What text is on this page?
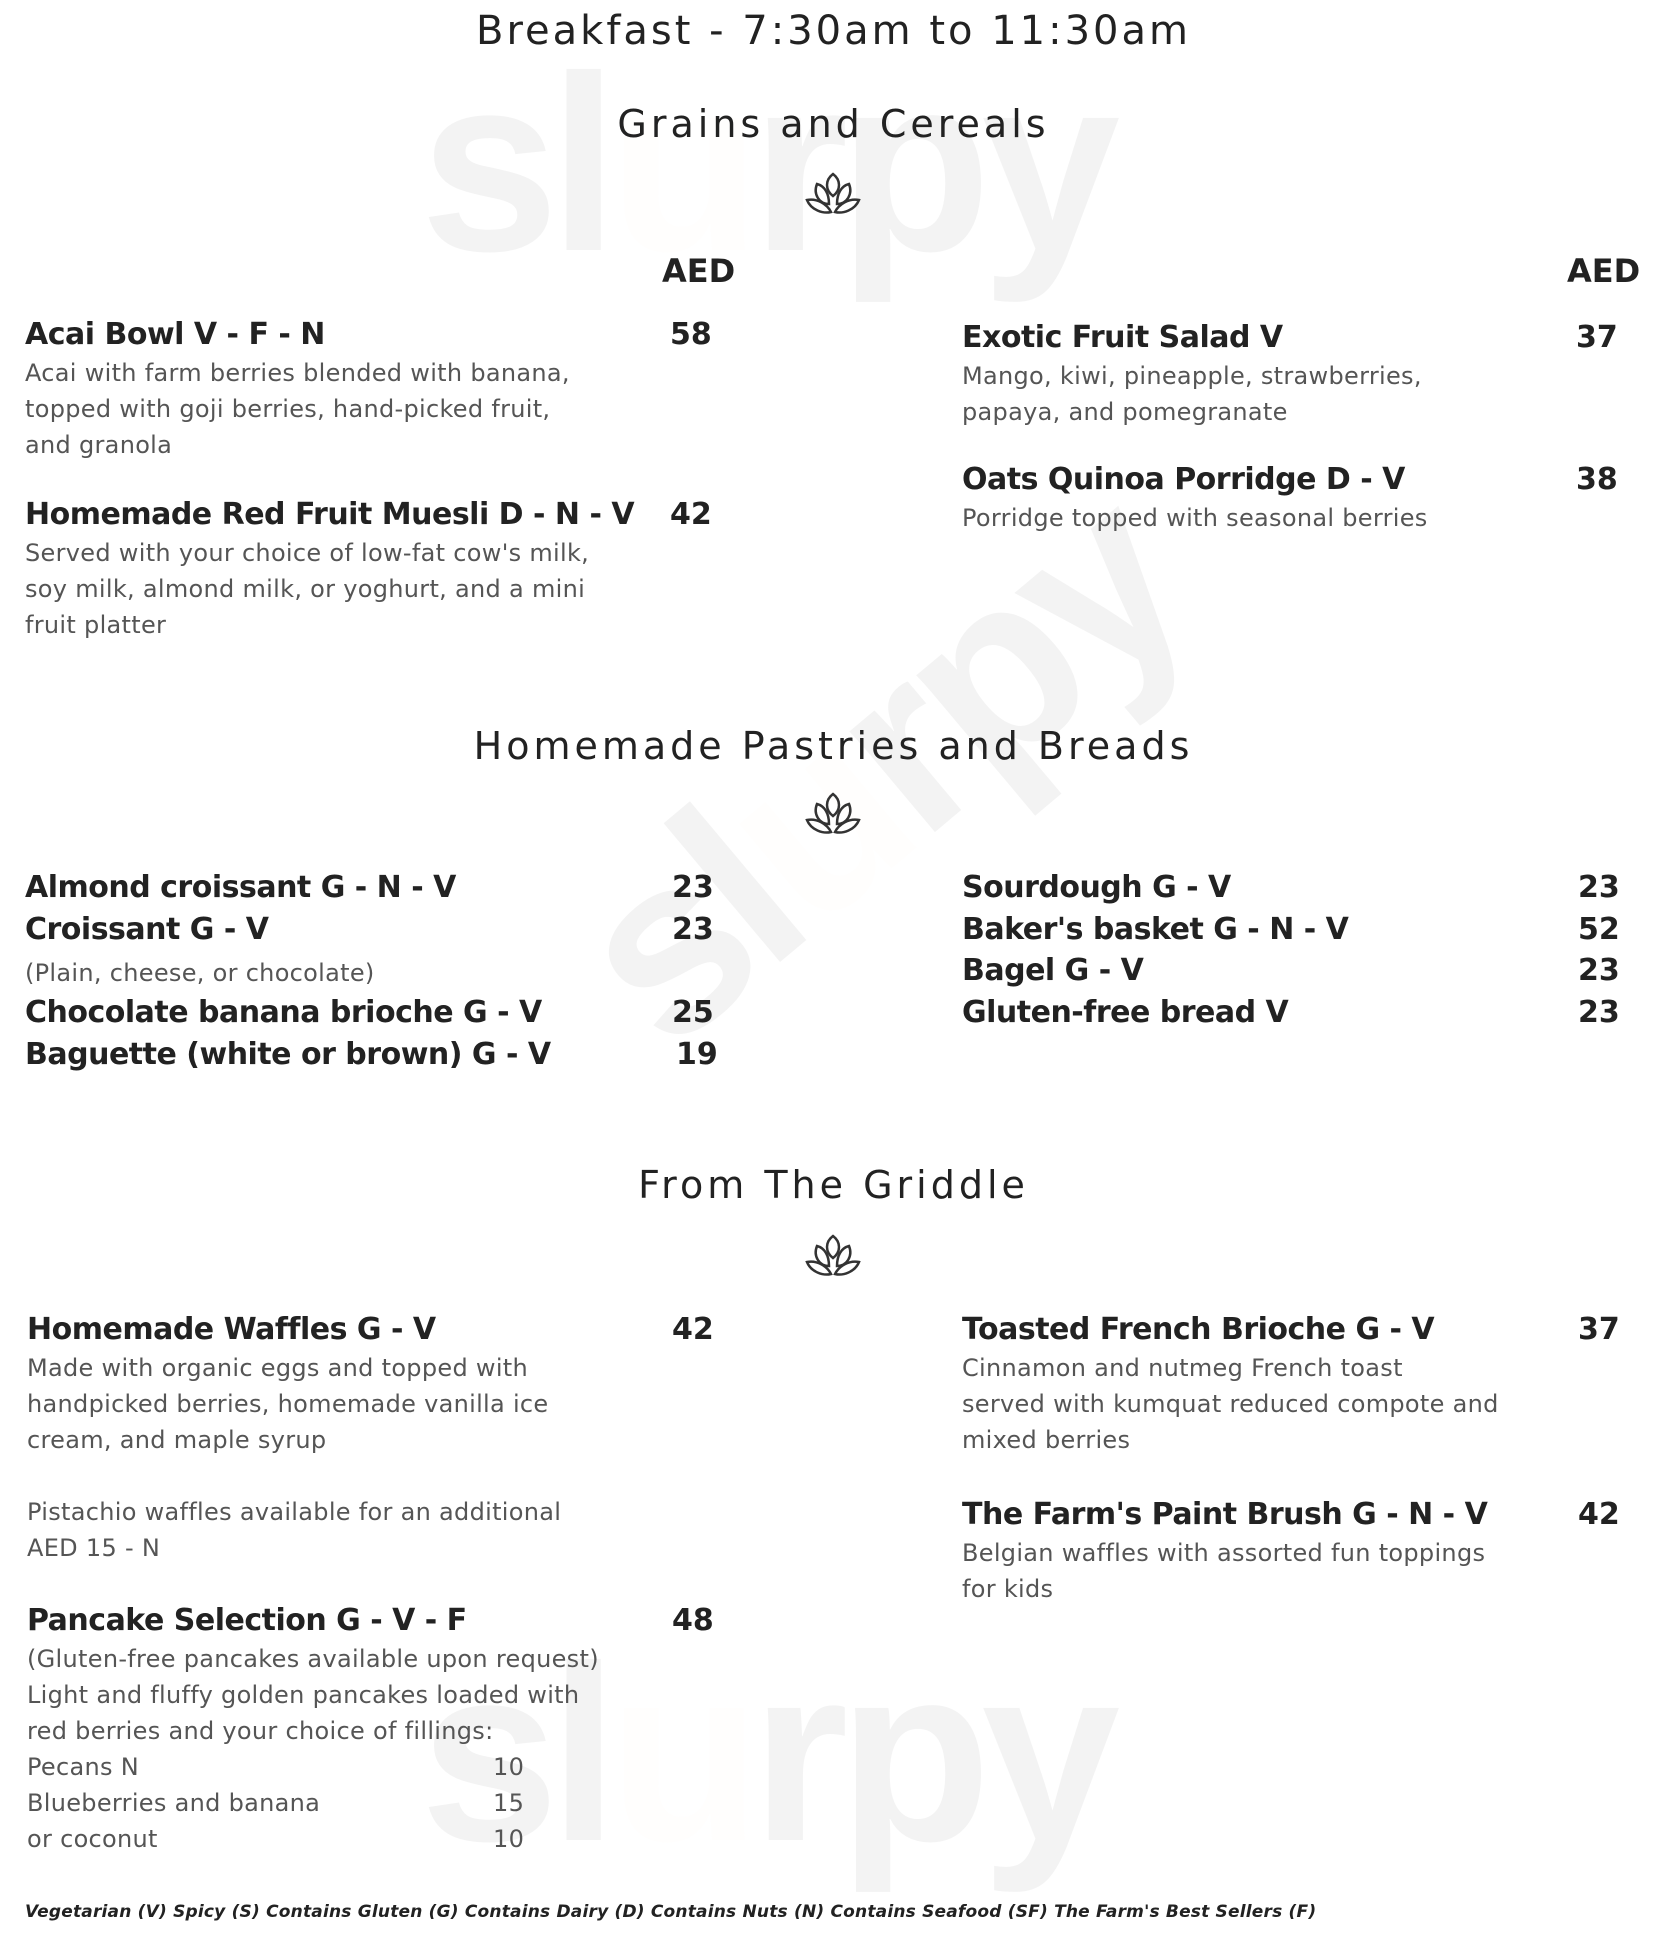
Breakfast - 7:30am to 11:30am
Grains and Cereals
AED	AED
Acai Bowl V - F - N	58
Acai with farm berries blended with banana,
topped with goji berries, hand-picked fruit,
and granola
Homemade Red Fruit Muesli D - N - V 42
Served with your choice of low-fat cow's milk,
soy milk, almond milk, or yoghurt, and a mini
fruit platter
Exotic Fruit Salad V	37
Mango, kiwi, pineapple, strawberries,
papaya, and pomegranate
Oats Quinoa Porridge D - V	38
Porridge topped with seasonal berries
Homemade Pastries and Breads
Almond croissant G - N - V	23
Croissant G - V	23
(Plain, cheese, or chocolate)
Chocolate banana brioche G - V	25
Baguette (white or brown) G - V	19
Sourdough G - V	23
Baker's basket G - N - V	52
Bagel G - V	23
Gluten-free bread V	23
From The Griddle
Homemade Waffles G - V	42
Made with organic eggs and topped with
handpicked berries, homemade vanilla ice
cream, and maple syrup
Pistachio waffles available for an additional
AED 15 - N
Pancake Selection G - V - F	48
(Gluten-free pancakes available upon request)
Light and fluffy golden pancakes loaded with
red berries and your choice of fillings:
Pecans N	10
Blueberries and banana	15
or coconut	10
Toasted French Brioche G - V	37
Cinnamon and nutmeg French toast
served with kumquat reduced compote and
mixed berries
The Farm's Paint Brush G - N - V	42
Belgian waffles with assorted fun toppings
for kids
Vegetarian (V) Spicy (S) Contains Gluten (G) Contains Dairy (D) Contains Nuts (N) Contains Seafood (SF) The Farm's Best Sellers (F)
